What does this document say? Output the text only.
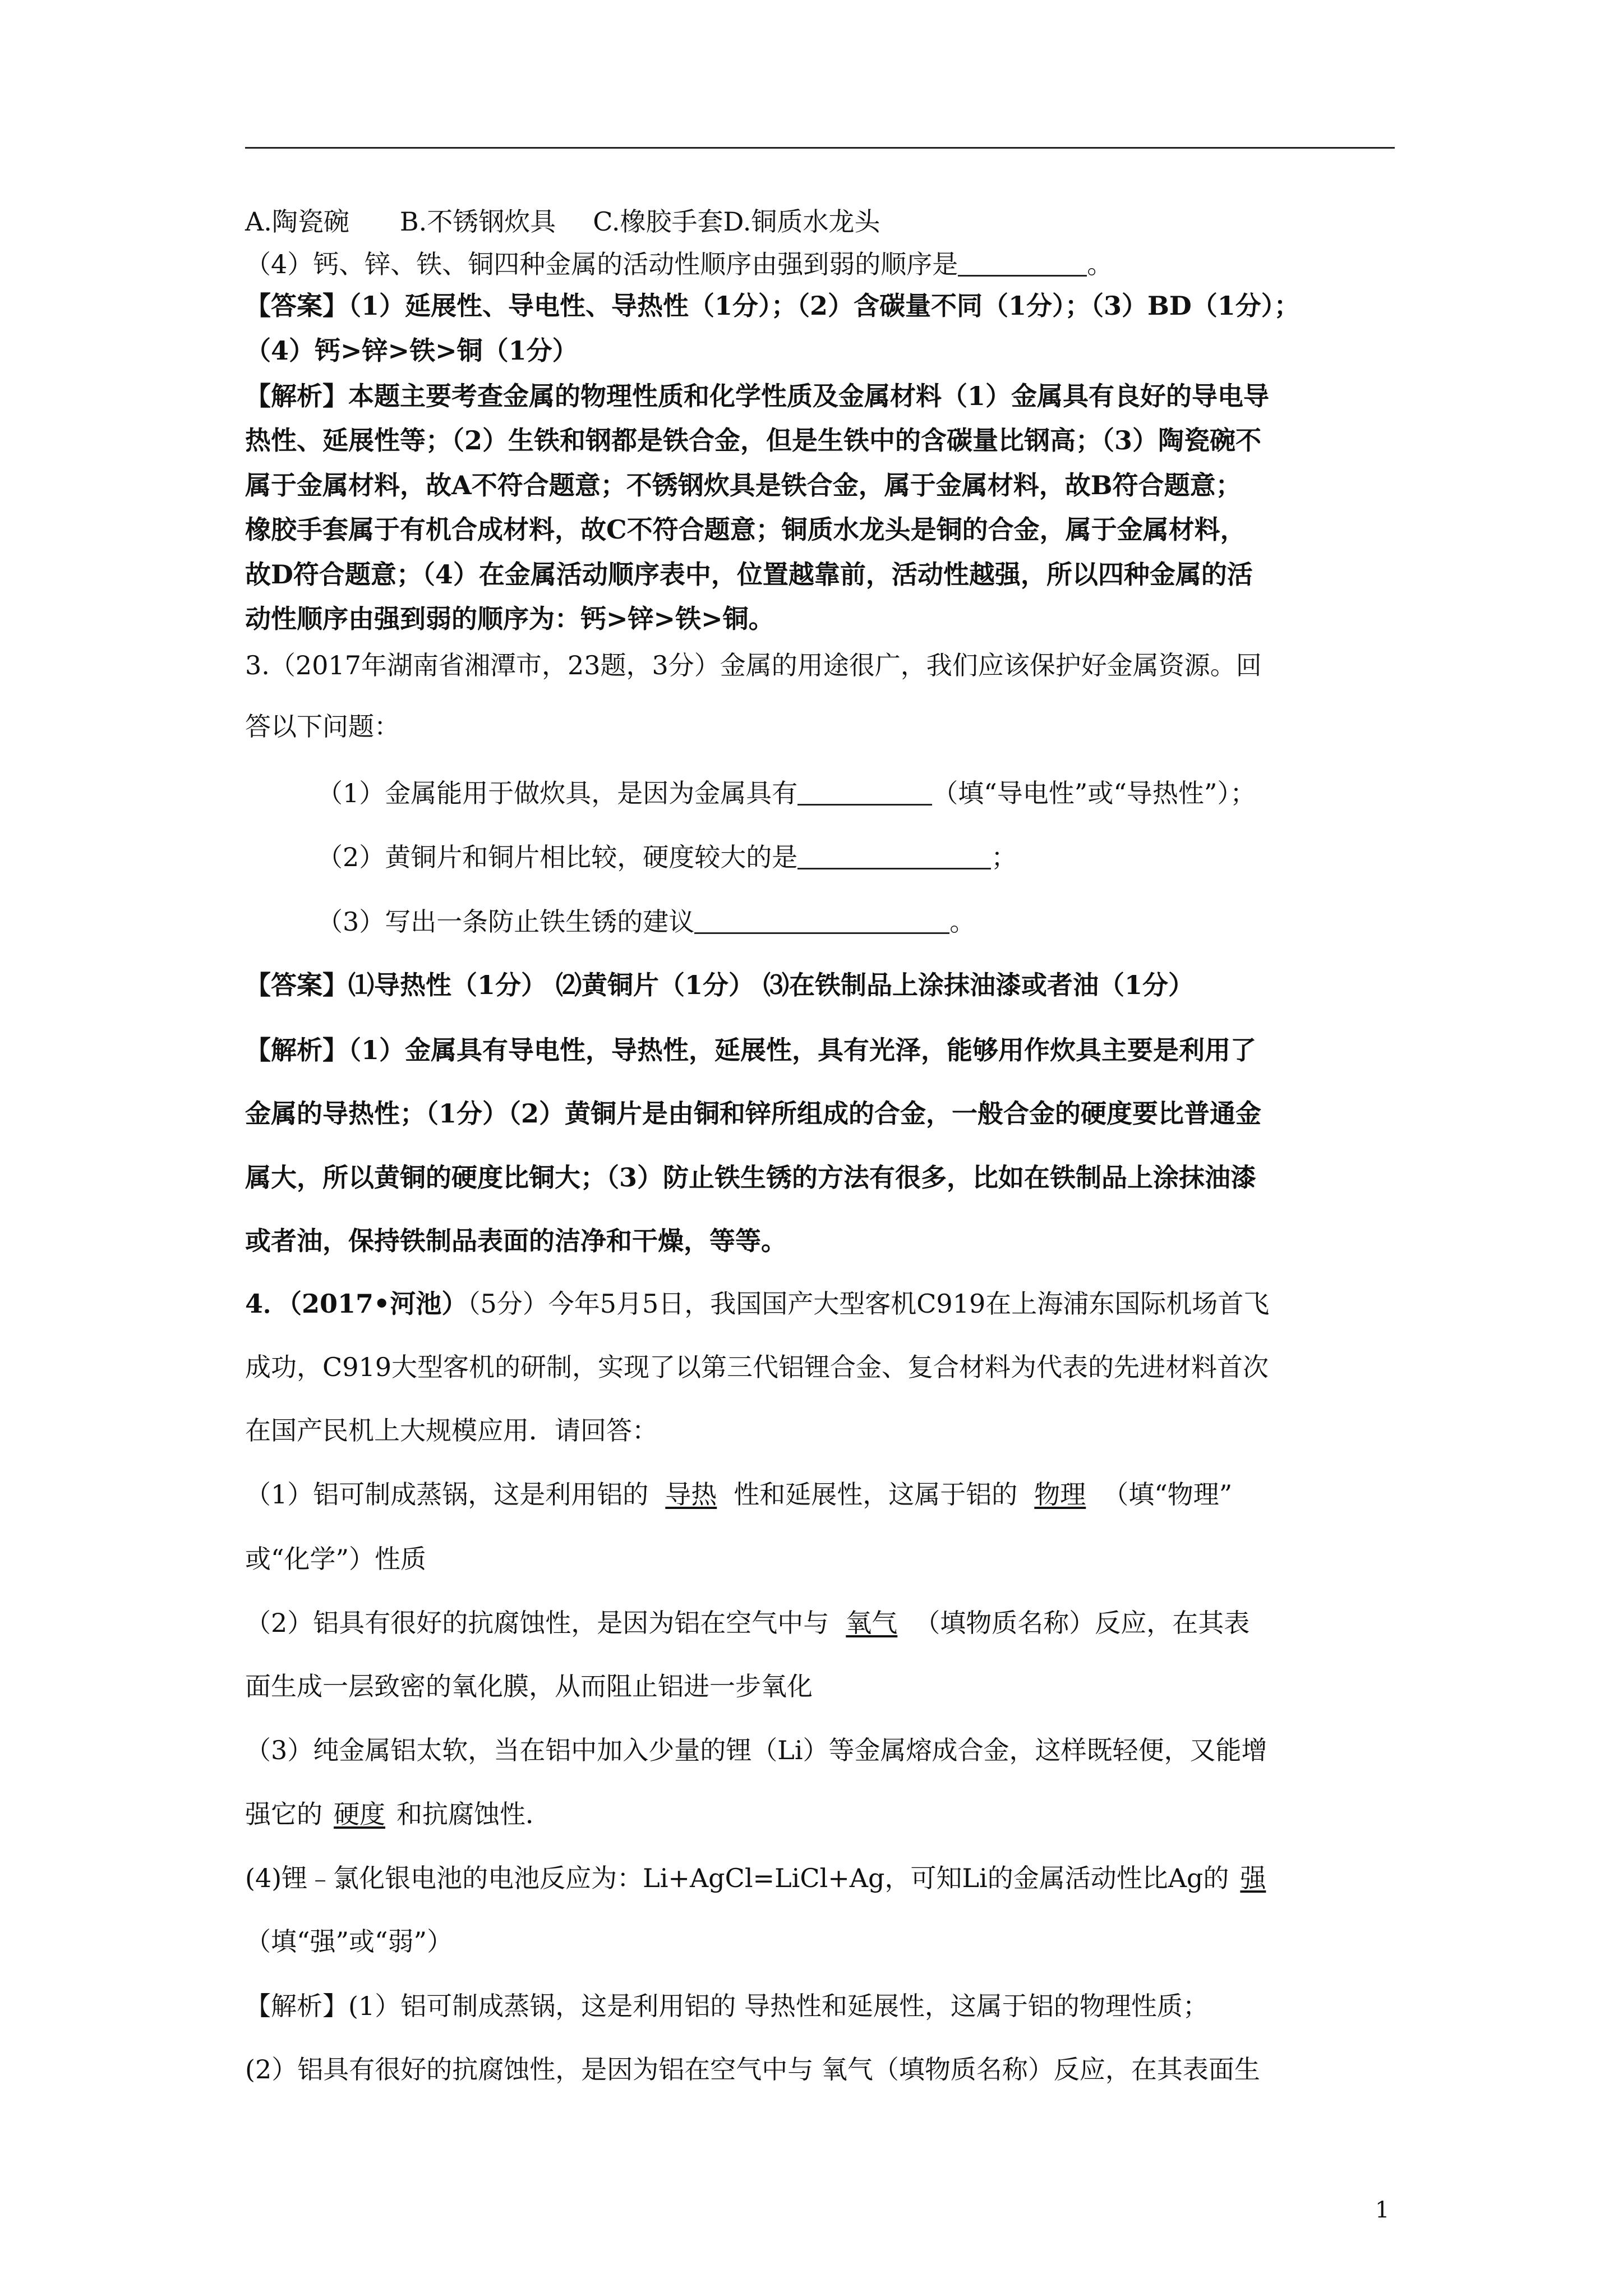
A.陶瓷碗 B.不锈钢炊具 C.橡胶手套D.铜质水龙头
（4）钙、锌、铁、铜四种金属的活动性顺序由强到弱的顺序是	。
【答案】（1）延展性、导电性、导热性（1分）；（2）含碳量不同（1分）；（3）BD（1分）；
（4）钙>锌>铁>铜（1分）
【解析】本题主要考查金属的物理性质和化学性质及金属材料（1）金属具有良好的导电导
热性、延展性等；（2）生铁和钢都是铁合金，但是生铁中的含碳量比钢高；（3）陶瓷碗不
属于金属材料，故A不符合题意；不锈钢炊具是铁合金，属于金属材料，故B符合题意；
橡胶手套属于有机合成材料，故C不符合题意；铜质水龙头是铜的合金，属于金属材料，
故D符合题意；（4）在金属活动顺序表中，位置越靠前，活动性越强，所以四种金属的活
动性顺序由强到弱的顺序为：钙>锌>铁>铜。
3.（2017年湖南省湘潭市，23题，3分）金属的用途很广，我们应该保护好金属资源。回
答以下问题：
（1）金属能用于做炊具，是因为金属具有	（填“导电性”或“导热性”）；
（2）黄铜片和铜片相比较，硬度较大的是	；
（3）写出一条防止铁生锈的建议	。
【答案】⑴导热性（1分） ⑵黄铜片（1分） ⑶在铁制品上涂抹油漆或者油（1分）
【解析】（1）金属具有导电性，导热性，延展性，具有光泽，能够用作炊具主要是利用了
金属的导热性；（1分）（2）黄铜片是由铜和锌所组成的合金，一般合金的硬度要比普通金
属大，所以黄铜的硬度比铜大；（3）防止铁生锈的方法有很多，比如在铁制品上涂抹油漆
或者油，保持铁制品表面的洁净和干燥，等等。
4．（2017•河池）（5分）今年5月5日，我国国产大型客机C919在上海浦东国际机场首飞
成功，C919大型客机的研制，实现了以第三代铝锂合金、复合材料为代表的先进材料首次
在国产民机上大规模应用．请回答：
（1）铝可制成蒸锅，这是利用铝的 导热 性和延展性，这属于铝的 物理 （填“物理”
或“化学”）性质
（2）铝具有很好的抗腐蚀性，是因为铝在空气中与 氧气 （填物质名称）反应，在其表
面生成一层致密的氧化膜，从而阻止铝进一步氧化
（3）纯金属铝太软，当在铝中加入少量的锂（Li）等金属熔成合金，这样既轻便，又能增
强它的 硬度 和抗腐蚀性．
(4)锂﹣氯化银电池的电池反应为：Li+AgCl=LiCl+Ag，可知Li的金属活动性比Ag的 强
（填“强”或“弱”）
【解析】(1）铝可制成蒸锅，这是利用铝的 导热性和延展性，这属于铝的物理性质；
(2）铝具有很好的抗腐蚀性，是因为铝在空气中与 氧气（填物质名称）反应，在其表面生
1
